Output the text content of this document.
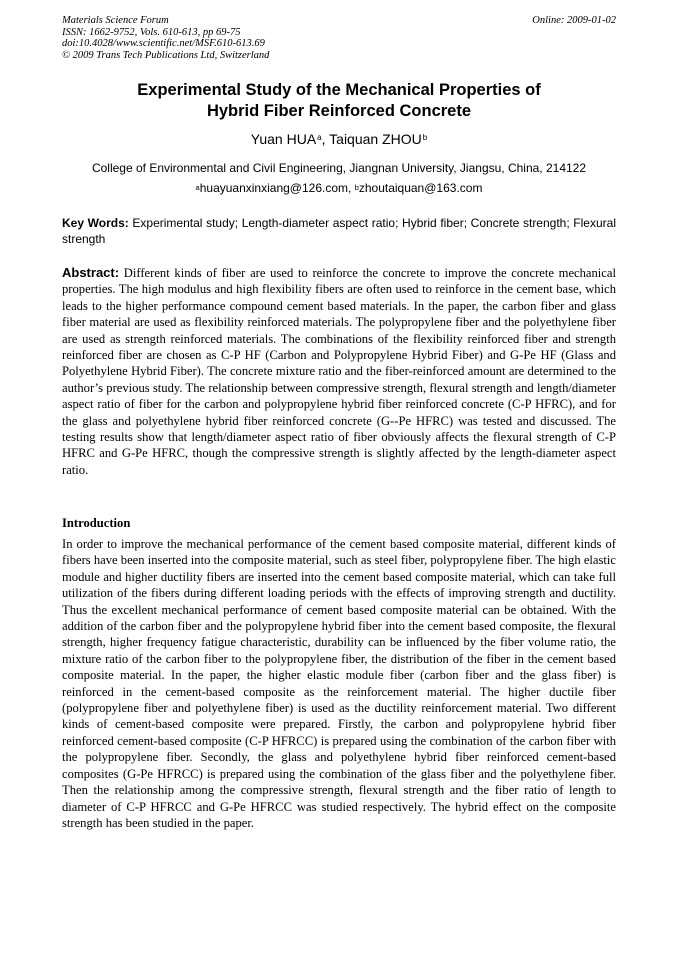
Materials Science Forum
ISSN: 1662-9752, Vols. 610-613, pp 69-75
doi:10.4028/www.scientific.net/MSF.610-613.69
© 2009 Trans Tech Publications Ltd, Switzerland
Online: 2009-01-02
Experimental Study of the Mechanical Properties of
Hybrid Fiber Reinforced Concrete
Yuan HUA$^a$, Taiquan ZHOU$^b$
College of Environmental and Civil Engineering, Jiangnan University, Jiangsu, China, 214122
$^a$huayuanxinxiang@126.com, $^b$zhoutaiquan@163.com
Key Words: Experimental study; Length-diameter aspect ratio; Hybrid fiber; Concrete strength; Flexural strength
Abstract: Different kinds of fiber are used to reinforce the concrete to improve the concrete mechanical properties. The high modulus and high flexibility fibers are often used to reinforce in the cement base, which leads to the higher performance compound cement based materials. In the paper, the carbon fiber and glass fiber material are used as flexibility reinforced materials. The polypropylene fiber and the polyethylene fiber are used as strength reinforced materials. The combinations of the flexibility reinforced fiber and strength reinforced fiber are chosen as C-P HF (Carbon and Polypropylene Hybrid Fiber) and G-Pe HF (Glass and Polyethylene Hybrid Fiber). The concrete mixture ratio and the fiber-reinforced amount are determined to the author’s previous study. The relationship between compressive strength, flexural strength and length/diameter aspect ratio of fiber for the carbon and polypropylene hybrid fiber reinforced concrete (C-P HFRC), and for the glass and polyethylene hybrid fiber reinforced concrete (G--Pe HFRC) was tested and discussed. The testing results show that length/diameter aspect ratio of fiber obviously affects the flexural strength of C-P HFRC and G-Pe HFRC, though the compressive strength is slightly affected by the length-diameter aspect ratio.
Introduction
In order to improve the mechanical performance of the cement based composite material, different kinds of fibers have been inserted into the composite material, such as steel fiber, polypropylene fiber. The high elastic module and higher ductility fibers are inserted into the cement based composite material, which can take full utilization of the fibers during different loading periods with the effects of improving strength and ductility. Thus the excellent mechanical performance of cement based composite material can be obtained. With the addition of the carbon fiber and the polypropylene hybrid fiber into the cement based composite, the flexural strength, higher frequency fatigue characteristic, durability can be influenced by the fiber volume ratio, the mixture ratio of the carbon fiber to the polypropylene fiber, the distribution of the fiber in the cement based composite material. In the paper, the higher elastic module fiber (carbon fiber and the glass fiber) is reinforced in the cement-based composite as the reinforcement material. The higher ductile fiber (polypropylene fiber and polyethylene fiber) is used as the ductility reinforcement material. Two different kinds of cement-based composite were prepared. Firstly, the carbon and polypropylene hybrid fiber reinforced cement-based composite (C-P HFRCC) is prepared using the combination of the carbon fiber with the polypropylene fiber. Secondly, the glass and polyethylene hybrid fiber reinforced cement-based composites (G-Pe HFRCC) is prepared using the combination of the glass fiber and the polyethylene fiber. Then the relationship among the compressive strength, flexural strength and the fiber ratio of length to diameter of C-P HFRCC and G-Pe HFRCC was studied respectively. The hybrid effect on the composite strength has been studied in the paper.
